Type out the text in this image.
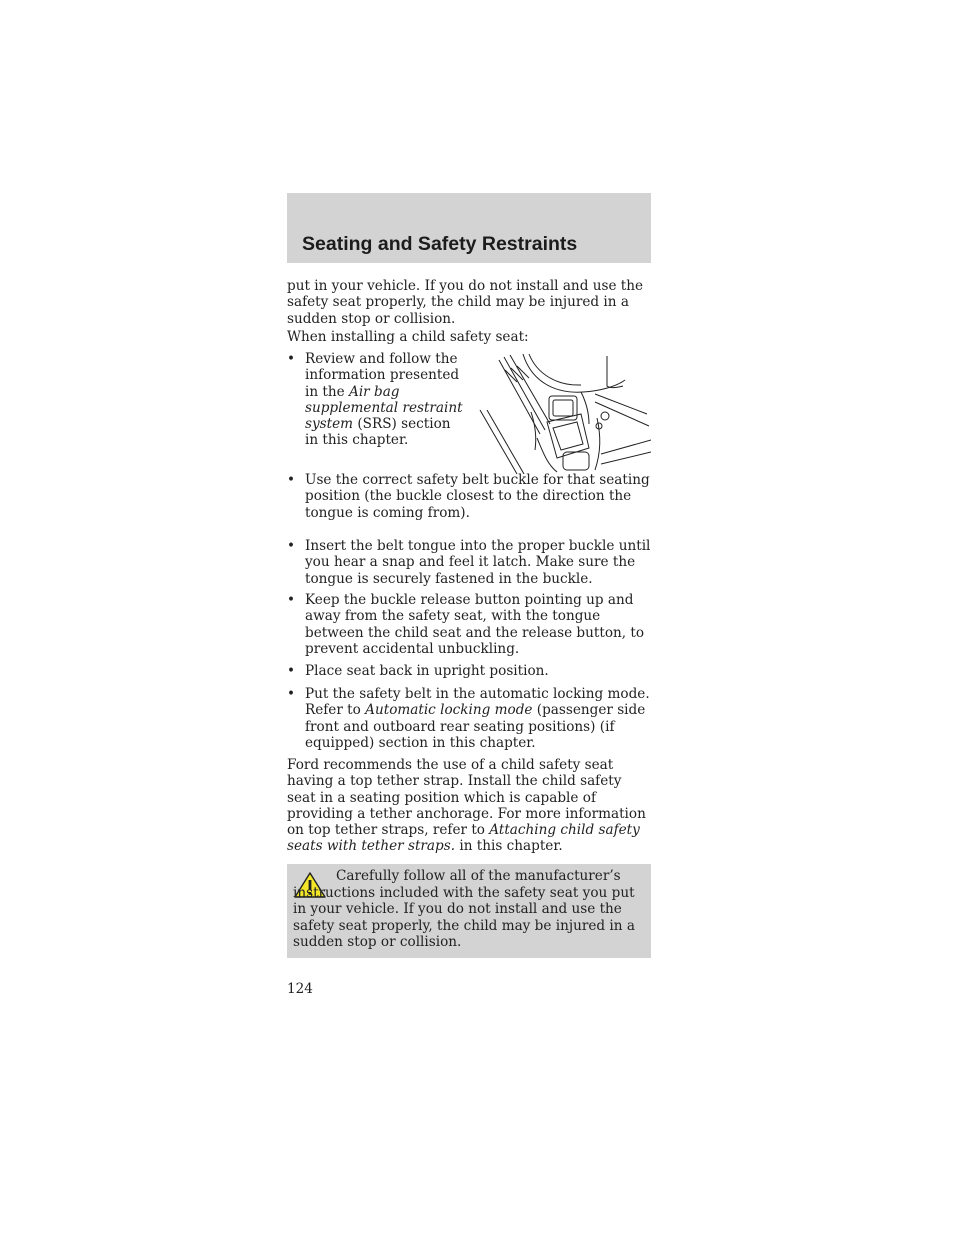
Seating and Safety Restraints

put in your vehicle. If you do not install and use the safety seat properly, the child may be injured in a sudden stop or collision.

When installing a child safety seat:

• Review and follow the information presented in the Air bag supplemental restraint system (SRS) section in this chapter.
• Use the correct safety belt buckle for that seating position (the buckle closest to the direction the tongue is coming from).
• Insert the belt tongue into the proper buckle until you hear a snap and feel it latch. Make sure the tongue is securely fastened in the buckle.
• Keep the buckle release button pointing up and away from the safety seat, with the tongue between the child seat and the release button, to prevent accidental unbuckling.
• Place seat back in upright position.
• Put the safety belt in the automatic locking mode. Refer to Automatic locking mode (passenger side front and outboard rear seating positions) (if equipped) section in this chapter.

Ford recommends the use of a child safety seat having a top tether strap. Install the child safety seat in a seating position which is capable of providing a tether anchorage. For more information on top tether straps, refer to Attaching child safety seats with tether straps. in this chapter.

Carefully follow all of the manufacturer’s instructions included with the safety seat you put in your vehicle. If you do not install and use the safety seat properly, the child may be injured in a sudden stop or collision.
124
